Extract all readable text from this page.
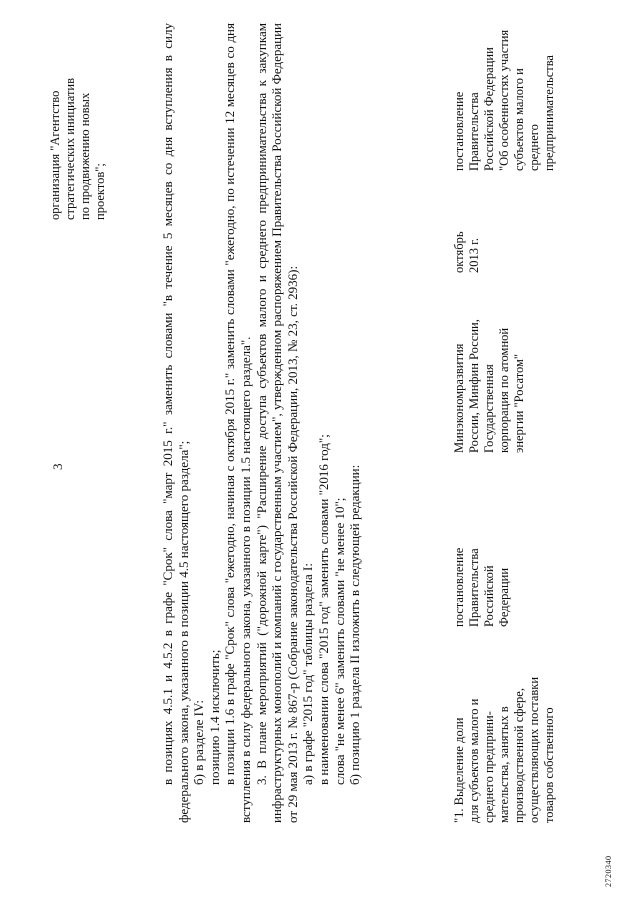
3
организация "Агентство стратегических инициатив по продвижению новых проектов";	в позициях 4.5.1 и 4.5.2 в графе "Срок" слова "март 2015 г." заменить словами "в течение 5 месяцев со дня вступления в силу федерального закона, указанного в позиции 4.5 настоящего раздела"; б) в разделе IV: позицию 1.4 исключить; в позиции 1.6 в графе "Срок" слова "ежегодно, начиная с октября 2015 г." заменить словами "ежегодно, по истечении 12 месяцев со дня вступления в силу федерального закона, указанного в позиции 1.5 настоящего раздела". 3. В плане мероприятий ("дорожной карте") "Расширение доступа субъектов малого и среднего предпринимательства к закупкам инфраструктурных монополий и компаний с государственным участием", утвержденном распоряжением Правительства Российской Федерации от 29 мая 2013 г. № 867-р (Собрание законодательства Российской Федерации, 2013, № 23, ст. 2936): а) в графе "2015 год" таблицы раздела I: в наименовании слова "2015 год" заменить словами "2016 год"; слова "не менее 6" заменить словами "не менее 10"; б) позицию 1 раздела II изложить в следующей редакции:	"1. Выделение доли для субъектов малого и среднего предприни- мательства, занятых в производственной сфере, осуществляющих поставки товаров собственного
постановление Правительства Российской Федерации
Минэкономразвития России, Минфин России, Государственная корпорация по атомной энергии "Росатом"
октябрь 2013 г.
постановление Правительства Российской Федерации "Об особенностях участия субъектов малого и среднего предпринимательства
2720340
